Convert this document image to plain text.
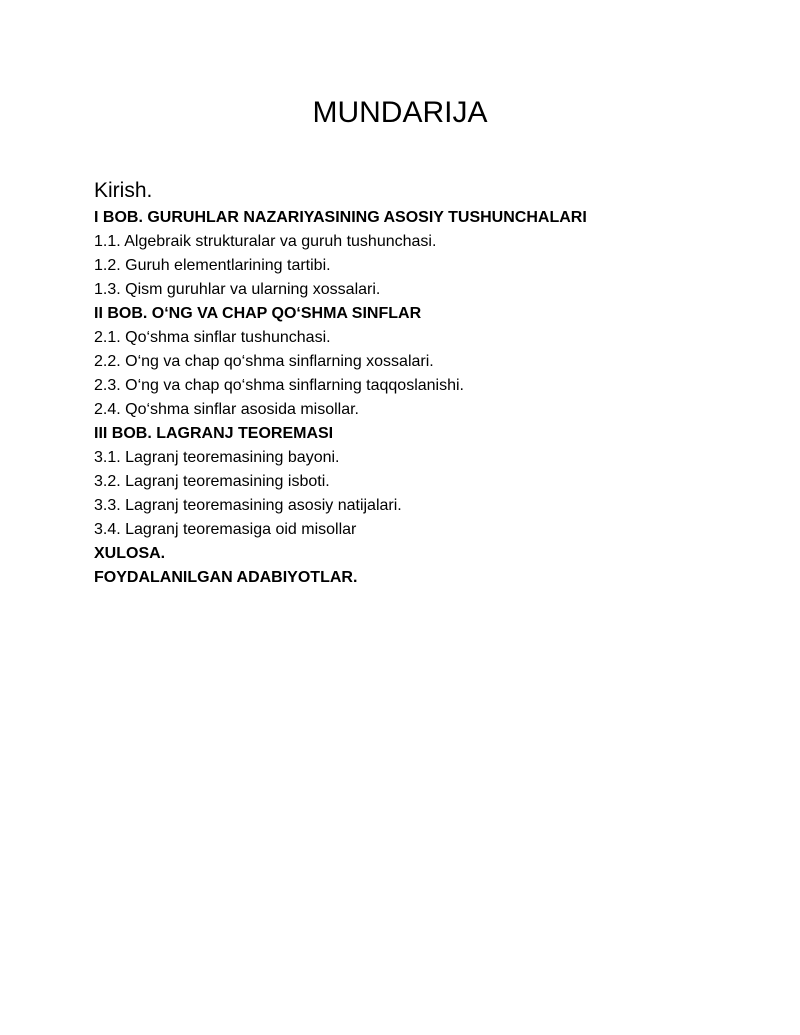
MUNDARIJA
Kirish.
I BOB. GURUHLAR NAZARIYASINING ASOSIY TUSHUNCHALARI
1.1. Algebraik strukturalar va guruh tushunchasi.
1.2. Guruh elementlarining tartibi.
1.3. Qism guruhlar va ularning xossalari.
II BOB. O‘NG VA CHAP QO‘SHMA SINFLAR
2.1. Qo‘shma sinflar tushunchasi.
2.2. O‘ng va chap qo‘shma sinflarning xossalari.
2.3. O‘ng va chap qo‘shma sinflarning taqqoslanishi.
2.4. Qo‘shma sinflar asosida misollar.
III BOB. LAGRANJ TEOREMASI
3.1. Lagranj teoremasining bayoni.
3.2. Lagranj teoremasining isboti.
3.3. Lagranj teoremasining asosiy natijalari.
3.4. Lagranj teoremasiga oid misollar
XULOSA.
FOYDALANILGAN ADABIYOTLAR.
